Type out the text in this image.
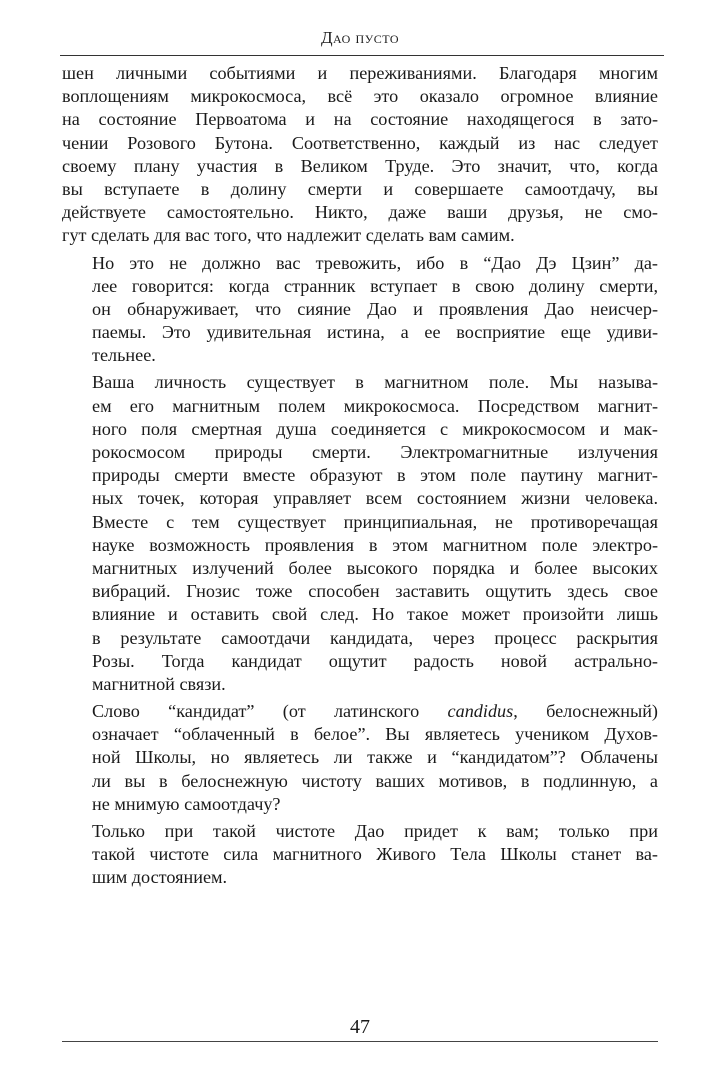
Дао пусто
шен личными событиями и переживаниями. Благодаря многим
воплощениям микрокосмоса, всё это оказало огромное влияние
на состояние Первоатома и на состояние находящегося в зато-
чении Розового Бутона. Соответственно, каждый из нас следует
своему плану участия в Великом Труде. Это значит, что, когда
вы вступаете в долину смерти и совершаете самоотдачу, вы
действуете самостоятельно. Никто, даже ваши друзья, не смо-
гут сделать для вас того, что надлежит сделать вам самим.
Но это не должно вас тревожить, ибо в “Дао Дэ Цзин” да-
лее говорится: когда странник вступает в свою долину смерти,
он обнаруживает, что сияние Дао и проявления Дао неисчер-
паемы. Это удивительная истина, а ее восприятие еще удиви-
тельнее.
Ваша личность существует в магнитном поле. Мы называ-
ем его магнитным полем микрокосмоса. Посредством магнит-
ного поля смертная душа соединяется с микрокосмосом и мак-
рокосмосом природы смерти. Электромагнитные излучения
природы смерти вместе образуют в этом поле паутину магнит-
ных точек, которая управляет всем состоянием жизни человека.
Вместе с тем существует принципиальная, не противоречащая
науке возможность проявления в этом магнитном поле электро-
магнитных излучений более высокого порядка и более высоких
вибраций. Гнозис тоже способен заставить ощутить здесь свое
влияние и оставить свой след. Но такое может произойти лишь
в результате самоотдачи кандидата, через процесс раскрытия
Розы. Тогда кандидат ощутит радость новой астрально-
магнитной связи.
Слово “кандидат” (от латинского candidus, белоснежный)
означает “облаченный в белое”. Вы являетесь учеником Духов-
ной Школы, но являетесь ли также и “кандидатом”? Облачены
ли вы в белоснежную чистоту ваших мотивов, в подлинную, а
не мнимую самоотдачу?
Только при такой чистоте Дао придет к вам; только при
такой чистоте сила магнитного Живого Тела Школы станет ва-
шим достоянием.
47
